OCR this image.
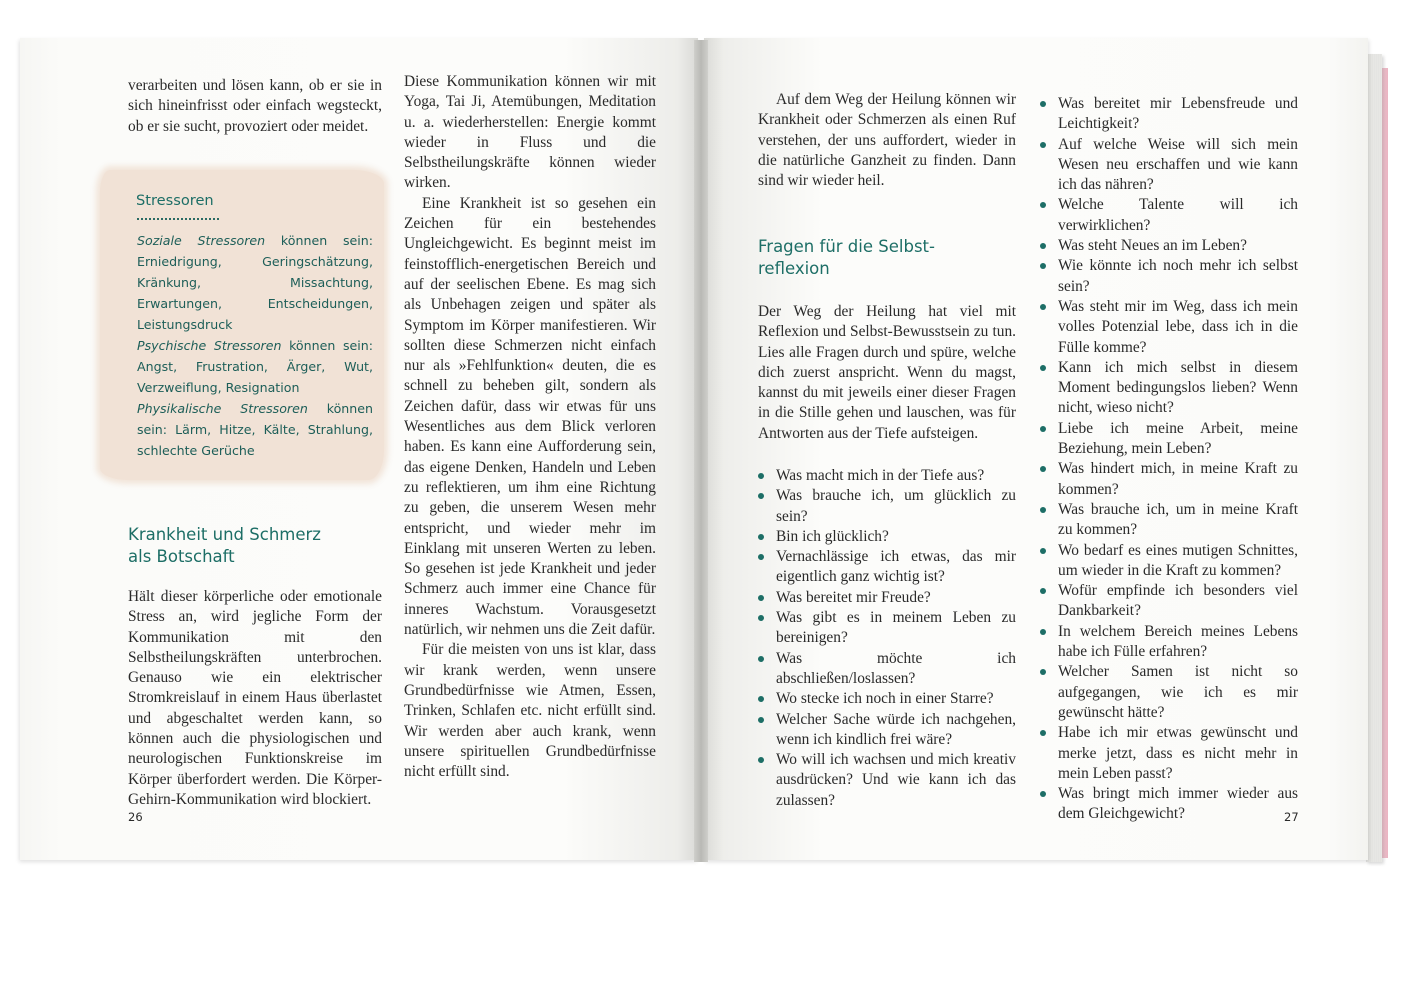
verarbeiten und lösen kann, ob er sie in sich hineinfrisst oder einfach wegsteckt, ob er sie sucht, provoziert oder meidet.

Stressoren

Soziale Stressoren können sein: Erniedrigung, Geringschätzung, Kränkung, Missachtung, Erwartungen, Entscheidungen, Leistungsdruck

Psychische Stressoren können sein: Angst, Frustration, Ärger, Wut, Verzweiflung, Resignation

Physikalische Stressoren können sein: Lärm, Hitze, Kälte, Strahlung, schlechte Gerüche

Krankheit und Schmerz
als Botschaft

Hält dieser körperliche oder emotionale Stress an, wird jegliche Form der Kommunikation mit den Selbstheilungskräften unterbrochen. Genauso wie ein elektrischer Stromkreislauf in einem Haus überlastet und abgeschaltet werden kann, so können auch die physiologischen und neurologischen Funktionskreise im Körper überfordert werden. Die Körper-Gehirn-Kommunikation wird blockiert.

Diese Kommunikation können wir mit Yoga, Tai Ji, Atemübungen, Meditation u. a. wiederherstellen: Energie kommt wieder in Fluss und die Selbstheilungskräfte können wieder wirken.

Eine Krankheit ist so gesehen ein Zeichen für ein bestehendes Ungleichgewicht. Es beginnt meist im feinstofflich-energetischen Bereich und auf der seelischen Ebene. Es mag sich als Unbehagen zeigen und später als Symptom im Körper manifestieren. Wir sollten diese Schmerzen nicht einfach nur als »Fehlfunktion« deuten, die es schnell zu beheben gilt, sondern als Zeichen dafür, dass wir etwas für uns Wesentliches aus dem Blick verloren haben. Es kann eine Aufforderung sein, das eigene Denken, Handeln und Leben zu reflektieren, um ihm eine Richtung zu geben, die unserem Wesen mehr entspricht, und wieder mehr im Einklang mit unseren Werten zu leben. So gesehen ist jede Krankheit und jeder Schmerz auch immer eine Chance für inneres Wachstum. Vorausgesetzt natürlich, wir nehmen uns die Zeit dafür.

Für die meisten von uns ist klar, dass wir krank werden, wenn unsere Grundbedürfnisse wie Atmen, Essen, Trinken, Schlafen etc. nicht erfüllt sind. Wir werden aber auch krank, wenn unsere spirituellen Grundbedürfnisse nicht erfüllt sind.

26

Auf dem Weg der Heilung können wir Krankheit oder Schmerzen als einen Ruf verstehen, der uns auffordert, wieder in die natürliche Ganzheit zu finden. Dann sind wir wieder heil.

Fragen für die Selbst-
reflexion

Der Weg der Heilung hat viel mit Reflexion und Selbst-Bewusstsein zu tun. Lies alle Fragen durch und spüre, welche dich zuerst anspricht. Wenn du magst, kannst du mit jeweils einer dieser Fragen in die Stille gehen und lauschen, was für Antworten aus der Tiefe aufsteigen.

Was macht mich in der Tiefe aus?
Was brauche ich, um glücklich zu sein?
Bin ich glücklich?
Vernachlässige ich etwas, das mir eigentlich ganz wichtig ist?
Was bereitet mir Freude?
Was gibt es in meinem Leben zu bereinigen?
Was möchte ich abschließen/loslassen?
Wo stecke ich noch in einer Starre?
Welcher Sache würde ich nachgehen, wenn ich kindlich frei wäre?
Wo will ich wachsen und mich kreativ ausdrücken? Und wie kann ich das zulassen?
Was bereitet mir Lebensfreude und Leichtigkeit?
Auf welche Weise will sich mein Wesen neu erschaffen und wie kann ich das nähren?
Welche Talente will ich verwirklichen?
Was steht Neues an im Leben?
Wie könnte ich noch mehr ich selbst sein?
Was steht mir im Weg, dass ich mein volles Potenzial lebe, dass ich in die Fülle komme?
Kann ich mich selbst in diesem Moment bedingungslos lieben? Wenn nicht, wieso nicht?
Liebe ich meine Arbeit, meine Beziehung, mein Leben?
Was hindert mich, in meine Kraft zu kommen?
Was brauche ich, um in meine Kraft zu kommen?
Wo bedarf es eines mutigen Schnittes, um wieder in die Kraft zu kommen?
Wofür empfinde ich besonders viel Dankbarkeit?
In welchem Bereich meines Lebens habe ich Fülle erfahren?
Welcher Samen ist nicht so aufgegangen, wie ich es mir gewünscht hätte?
Habe ich mir etwas gewünscht und merke jetzt, dass es nicht mehr in mein Leben passt?
Was bringt mich immer wieder aus dem Gleichgewicht?	27
